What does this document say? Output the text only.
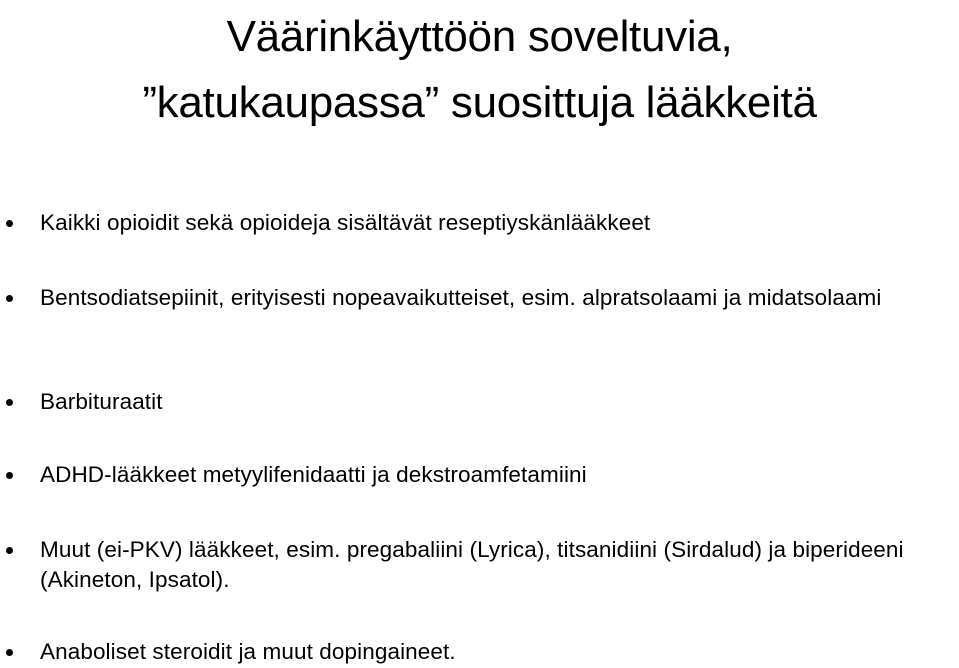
Väärinkäyttöön soveltuvia,
”katukaupassa” suosittuja lääkkeitä
Kaikki opioidit sekä opioideja sisältävät reseptiyskänlääkkeet
Bentsodiatsepiinit, erityisesti nopeavaikutteiset, esim. alpratsolaami ja midatsolaami
Barbituraatit
ADHD-lääkkeet metyylifenidaatti ja dekstroamfetamiini
Muut (ei-PKV) lääkkeet, esim. pregabaliini (Lyrica), titsanidiini (Sirdalud) ja biperideeni (Akineton, Ipsatol).
Anaboliset steroidit ja muut dopingaineet.
